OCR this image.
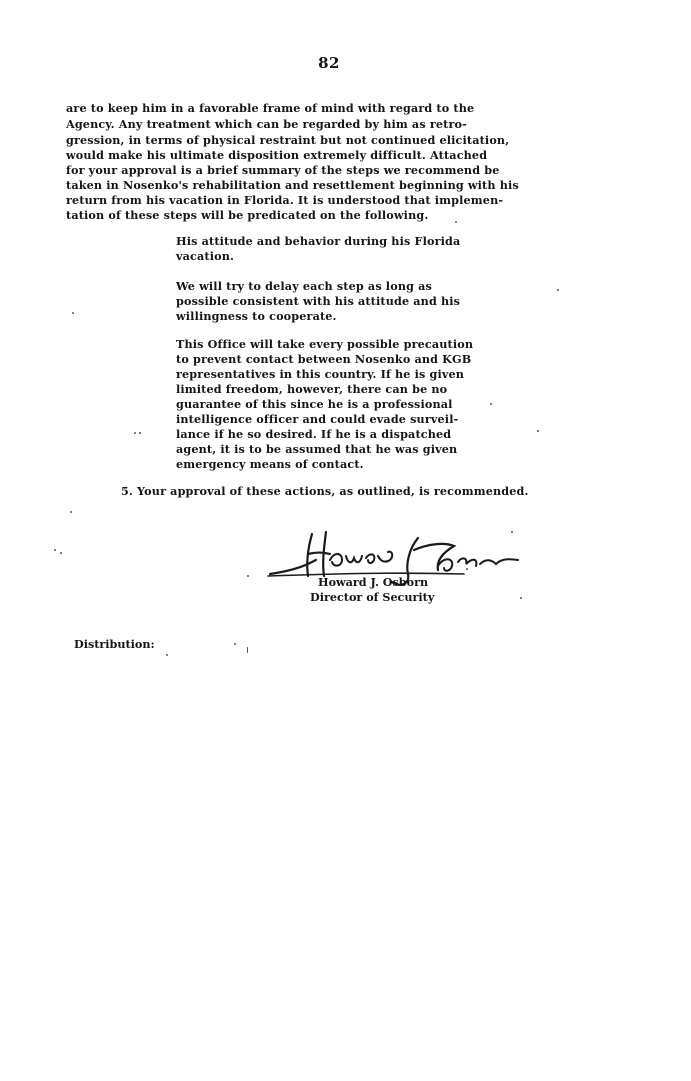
82
are to keep him in a favorable frame of mind with regard to the
Agency. Any treatment which can be regarded by him as retro-
gression, in terms of physical restraint but not continued elicitation,
would make his ultimate disposition extremely difficult. Attached
for your approval is a brief summary of the steps we recommend be
taken in Nosenko's rehabilitation and resettlement beginning with his
return from his vacation in Florida. It is understood that implemen-
tation of these steps will be predicated on the following.
His attitude and behavior during his Florida
vacation.
We will try to delay each step as long as
possible consistent with his attitude and his
willingness to cooperate.
This Office will take every possible precaution
to prevent contact between Nosenko and KGB
representatives in this country. If he is given
limited freedom, however, there can be no
guarantee of this since he is a professional
intelligence officer and could evade surveil-
lance if he so desired. If he is a dispatched
agent, it is to be assumed that he was given
emergency means of contact.
5. Your approval of these actions, as outlined, is recommended.
Howard J. Osborn
Director of Security
Distribution:
